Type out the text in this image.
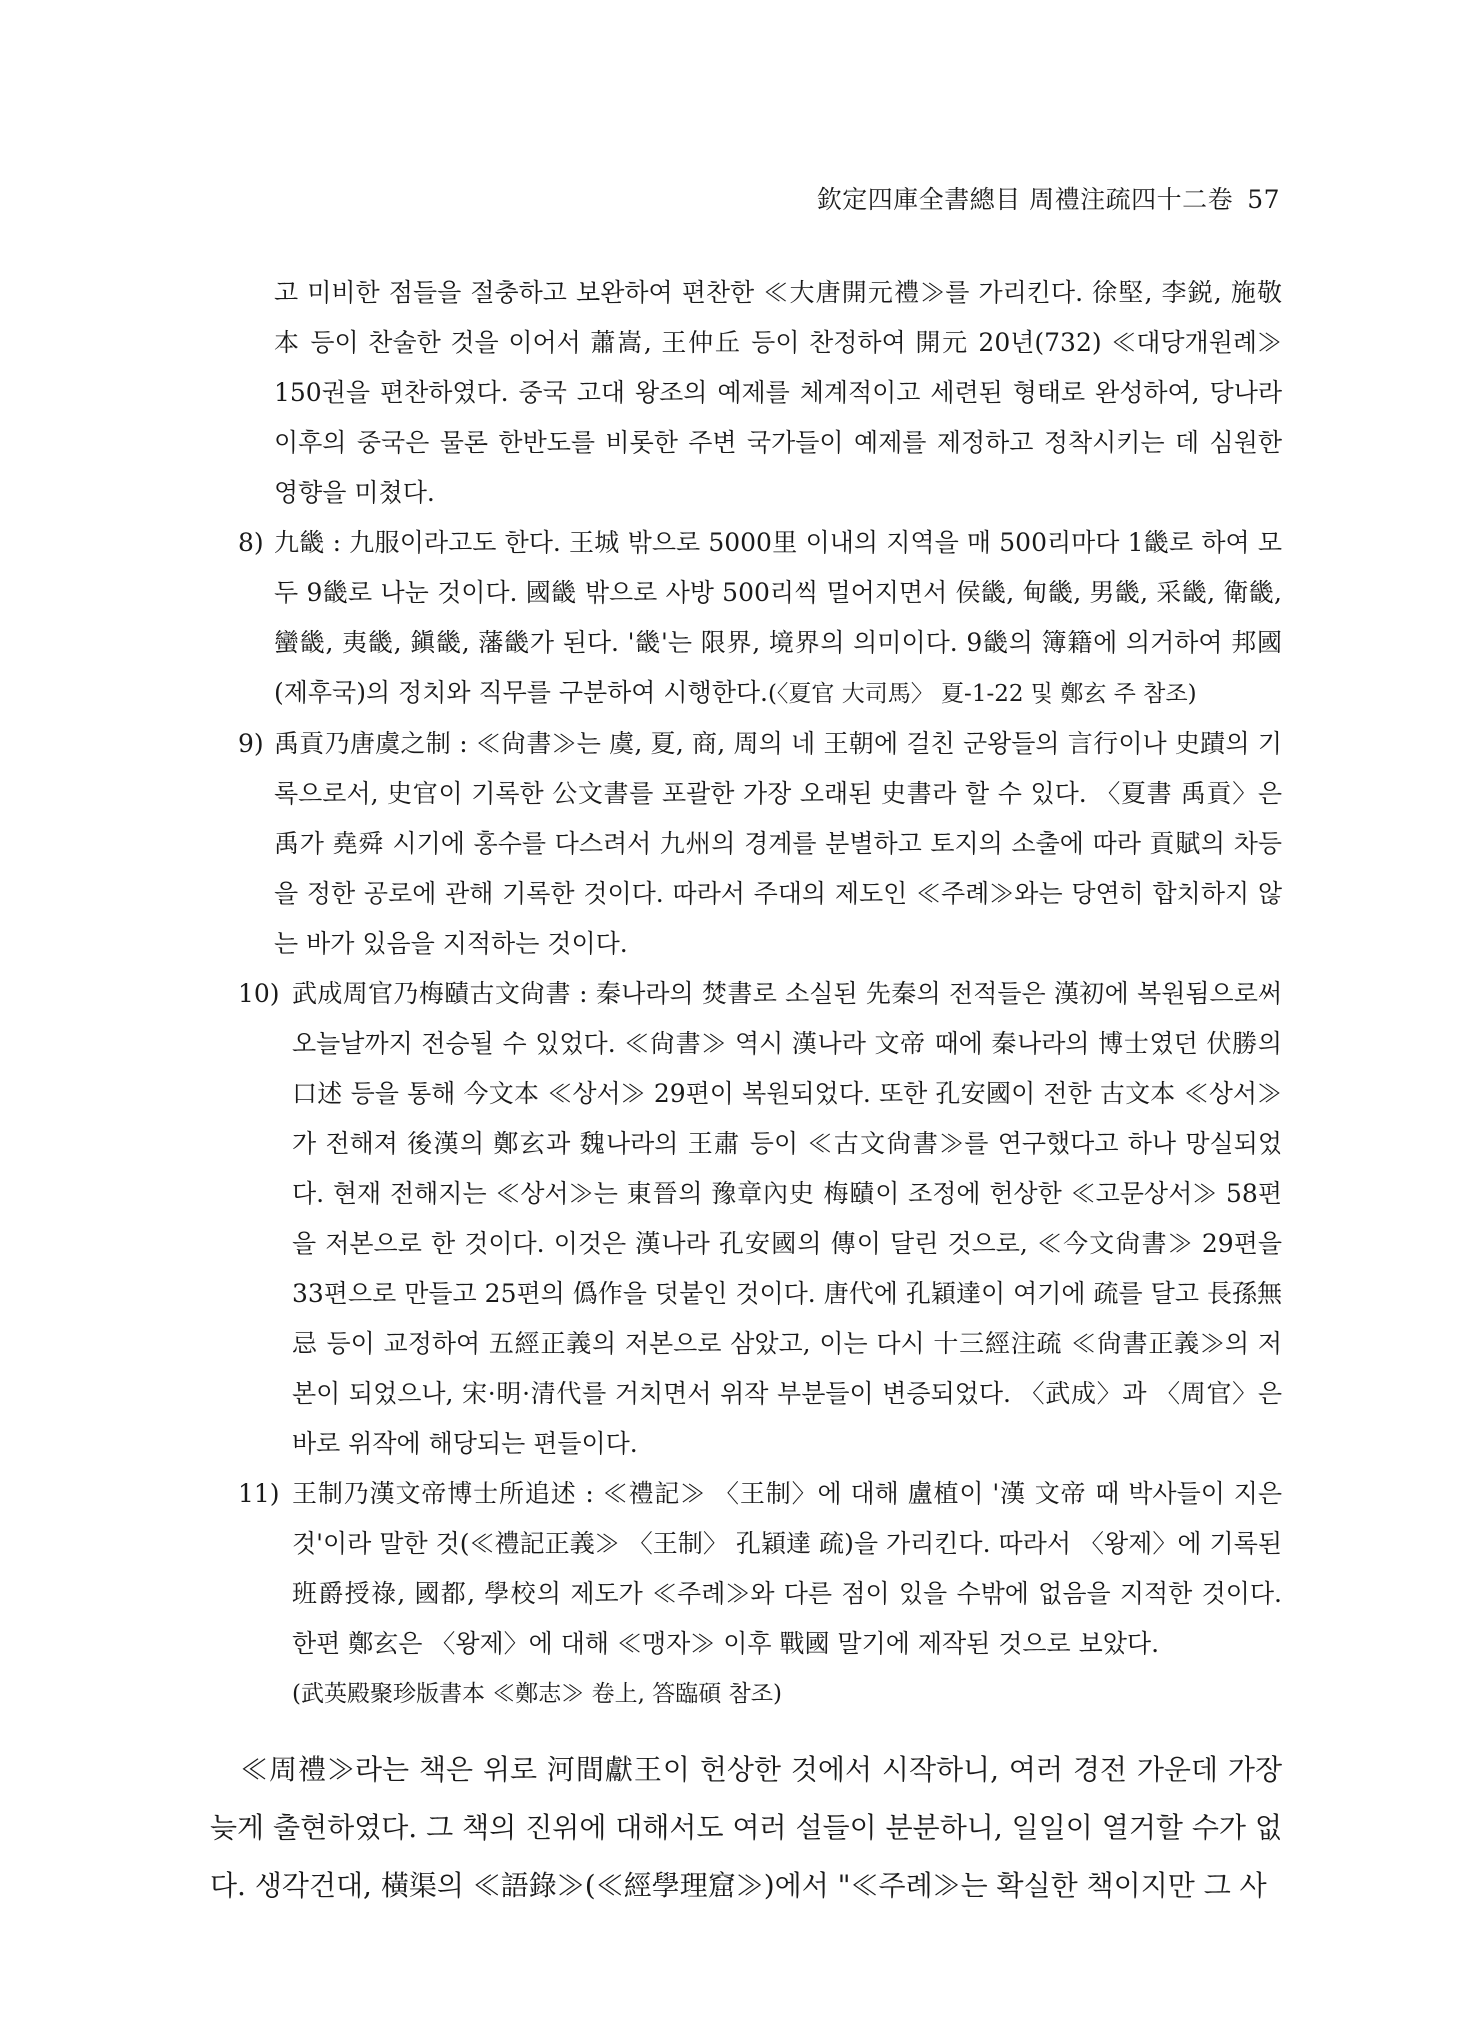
欽定四庫全書總目 周禮注疏四十二卷 57
고 미비한 점들을 절충하고 보완하여 편찬한 ≪大唐開元禮≫를 가리킨다. 徐堅, 李鋭, 施敬本 등이 찬술한 것을 이어서 蕭嵩, 王仲丘 등이 찬정하여 開元 20년(732) ≪대당개원례≫ 150권을 편찬하였다. 중국 고대 왕조의 예제를 체계적이고 세련된 형태로 완성하여, 당나라 이후의 중국은 물론 한반도를 비롯한 주변 국가들이 예제를 제정하고 정착시키는 데 심원한 영향을 미쳤다.
8) 九畿 : 九服이라고도 한다. 王城 밖으로 5000里 이내의 지역을 매 500리마다 1畿로 하여 모두 9畿로 나눈 것이다. 國畿 밖으로 사방 500리씩 멀어지면서 侯畿, 甸畿, 男畿, 采畿, 衛畿, 蠻畿, 夷畿, 鎭畿, 藩畿가 된다. '畿'는 限界, 境界의 의미이다. 9畿의 簿籍에 의거하여 邦國(제후국)의 정치와 직무를 구분하여 시행한다.(〈夏官 大司馬〉 夏-1-22 및 鄭玄 주 참조)
9) 禹貢乃唐虞之制 : ≪尙書≫는 虞, 夏, 商, 周의 네 王朝에 걸친 군왕들의 言行이나 史蹟의 기록으로서, 史官이 기록한 公文書를 포괄한 가장 오래된 史書라 할 수 있다. 〈夏書 禹貢〉은 禹가 堯舜 시기에 홍수를 다스려서 九州의 경계를 분별하고 토지의 소출에 따라 貢賦의 차등을 정한 공로에 관해 기록한 것이다. 따라서 주대의 제도인 ≪주례≫와는 당연히 합치하지 않는 바가 있음을 지적하는 것이다.
10) 武成周官乃梅賾古文尙書 : 秦나라의 焚書로 소실된 先秦의 전적들은 漢初에 복원됨으로써 오늘날까지 전승될 수 있었다. ≪尙書≫ 역시 漢나라 文帝 때에 秦나라의 博士였던 伏勝의 口述 등을 통해 今文本 ≪상서≫ 29편이 복원되었다. 또한 孔安國이 전한 古文本 ≪상서≫가 전해져 後漢의 鄭玄과 魏나라의 王肅 등이 ≪古文尙書≫를 연구했다고 하나 망실되었다. 현재 전해지는 ≪상서≫는 東晉의 豫章內史 梅賾이 조정에 헌상한 ≪고문상서≫ 58편을 저본으로 한 것이다. 이것은 漢나라 孔安國의 傳이 달린 것으로, ≪今文尙書≫ 29편을 33편으로 만들고 25편의 僞作을 덧붙인 것이다. 唐代에 孔穎達이 여기에 疏를 달고 長孫無忌 등이 교정하여 五經正義의 저본으로 삼았고, 이는 다시 十三經注疏 ≪尙書正義≫의 저본이 되었으나, 宋·明·清代를 거치면서 위작 부분들이 변증되었다. 〈武成〉과 〈周官〉은 바로 위작에 해당되는 편들이다.
11) 王制乃漢文帝博士所追述 : ≪禮記≫ 〈王制〉에 대해 盧植이 '漢 文帝 때 박사들이 지은 것'이라 말한 것(≪禮記正義≫ 〈王制〉 孔穎達 疏)을 가리킨다. 따라서 〈왕제〉에 기록된 班爵授祿, 國都, 學校의 제도가 ≪주례≫와 다른 점이 있을 수밖에 없음을 지적한 것이다. 한편 鄭玄은 〈왕제〉에 대해 ≪맹자≫ 이후 戰國 말기에 제작된 것으로 보았다.
(武英殿聚珍版書本 ≪鄭志≫ 卷上, 答臨碩 참조)
≪周禮≫라는 책은 위로 河間獻王이 헌상한 것에서 시작하니, 여러 경전 가운데 가장 늦게 출현하였다. 그 책의 진위에 대해서도 여러 설들이 분분하니, 일일이 열거할 수가 없다. 생각건대, 橫渠의 ≪語錄≫(≪經學理窟≫)에서 "≪주례≫는 확실한 책이지만 그 사
